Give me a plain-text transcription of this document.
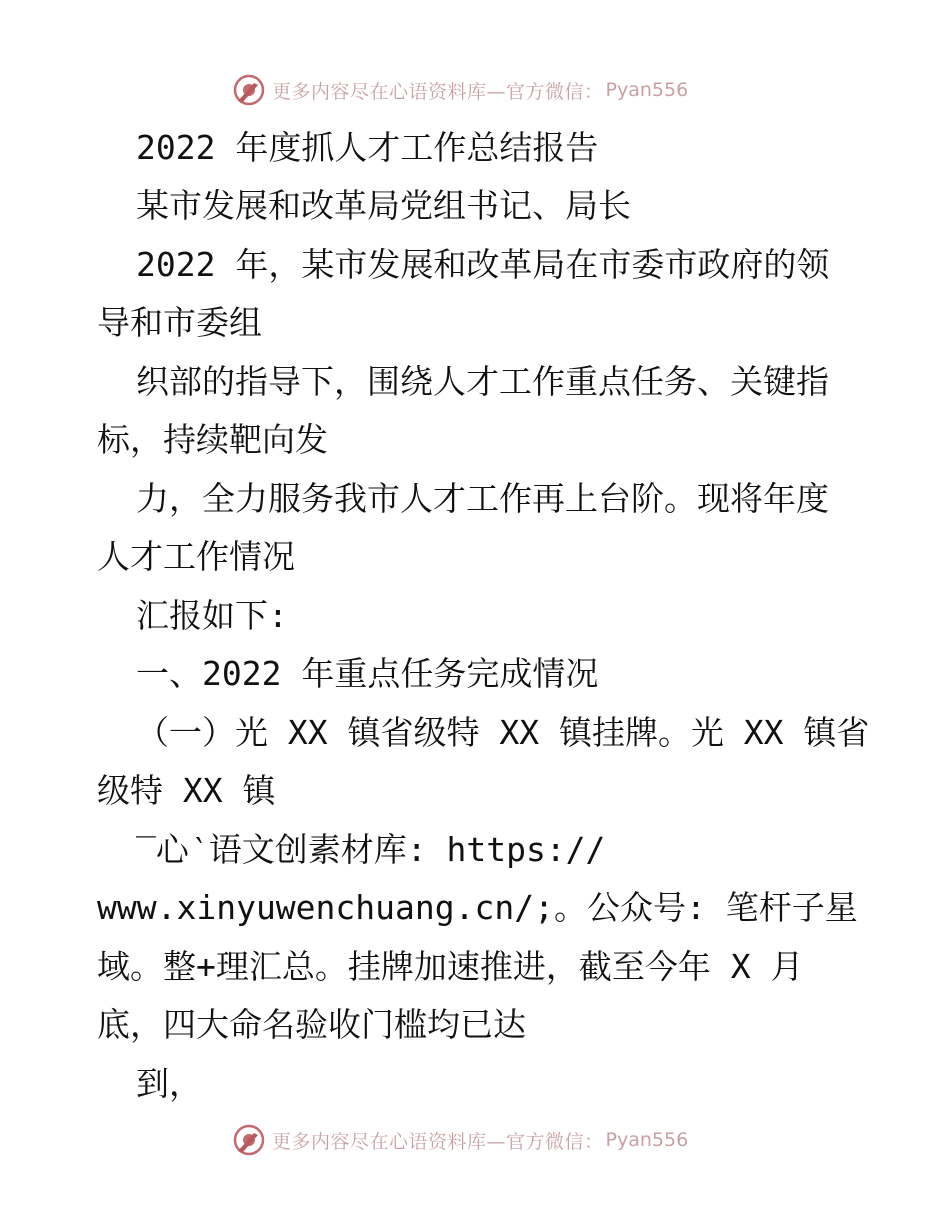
更多内容尽在心语资料库—官方微信： Pyan556
2022 年度抓人才工作总结报告
某市发展和改革局党组书记、局长
2022 年，某市发展和改革局在市委市政府的领
导和市委组
织部的指导下，围绕人才工作重点任务、关键指
标，持续靶向发
力，全力服务我市人才工作再上台阶。现将年度
人才工作情况
汇报如下:
一、2022 年重点任务完成情况
（一）光 XX 镇省级特 XX 镇挂牌。光 XX 镇省
级特 XX 镇
‾心‵语文创素材库: https://
www.xinyuwenchuang.cn/;。公众号: 笔杆子星
域。整+理汇总。挂牌加速推进，截至今年 X 月
底，四大命名验收门槛均已达
到，
更多内容尽在心语资料库—官方微信： Pyan556
